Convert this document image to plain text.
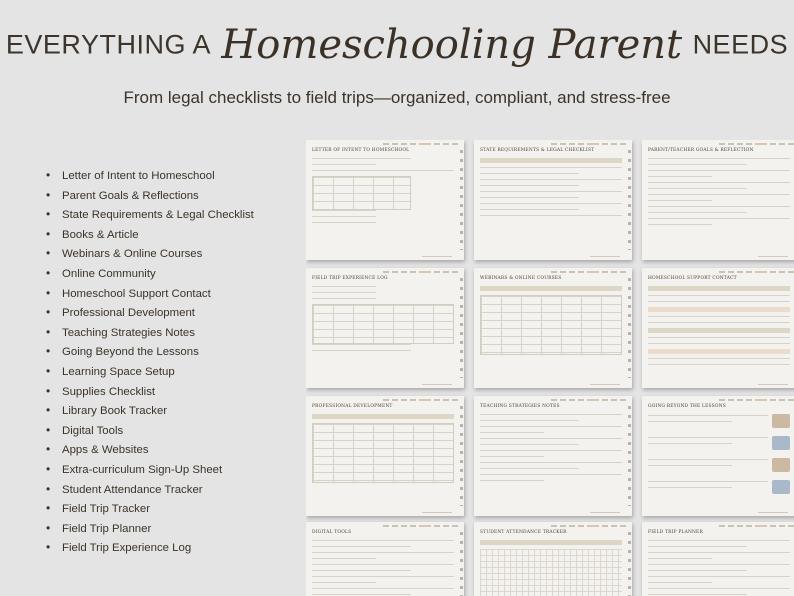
EVERYTHING A Homeschooling Parent NEEDS
From legal checklists to field trips—organized, compliant, and stress-free
• Letter of Intent to Homeschool
• Parent Goals & Reflections
• State Requirements & Legal Checklist
• Books & Article
• Webinars & Online Courses
• Online Community
• Homeschool Support Contact
• Professional Development
• Teaching Strategies Notes
• Going Beyond the Lessons
• Learning Space Setup
• Supplies Checklist
• Library Book Tracker
• Digital Tools
• Apps & Websites
• Extra-curriculum Sign-Up Sheet
• Student Attendance Tracker
• Field Trip Tracker
• Field Trip Planner
• Field Trip Experience Log
LETTER OF INTENT TO HOMESCHOOL	STATE REQUIREMENTS & LEGAL CHECKLIST	PARENT/TEACHER GOALS & REFLECTION
FIELD TRIP EXPERIENCE LOG	WEBINARS & ONLINE COURSES	HOMESCHOOL SUPPORT CONTACT
PROFESSIONAL DEVELOPMENT	TEACHING STRATEGIES NOTES	GOING BEYOND THE LESSONS
DIGITAL TOOLS	STUDENT ATTENDANCE TRACKER	FIELD TRIP PLANNER
